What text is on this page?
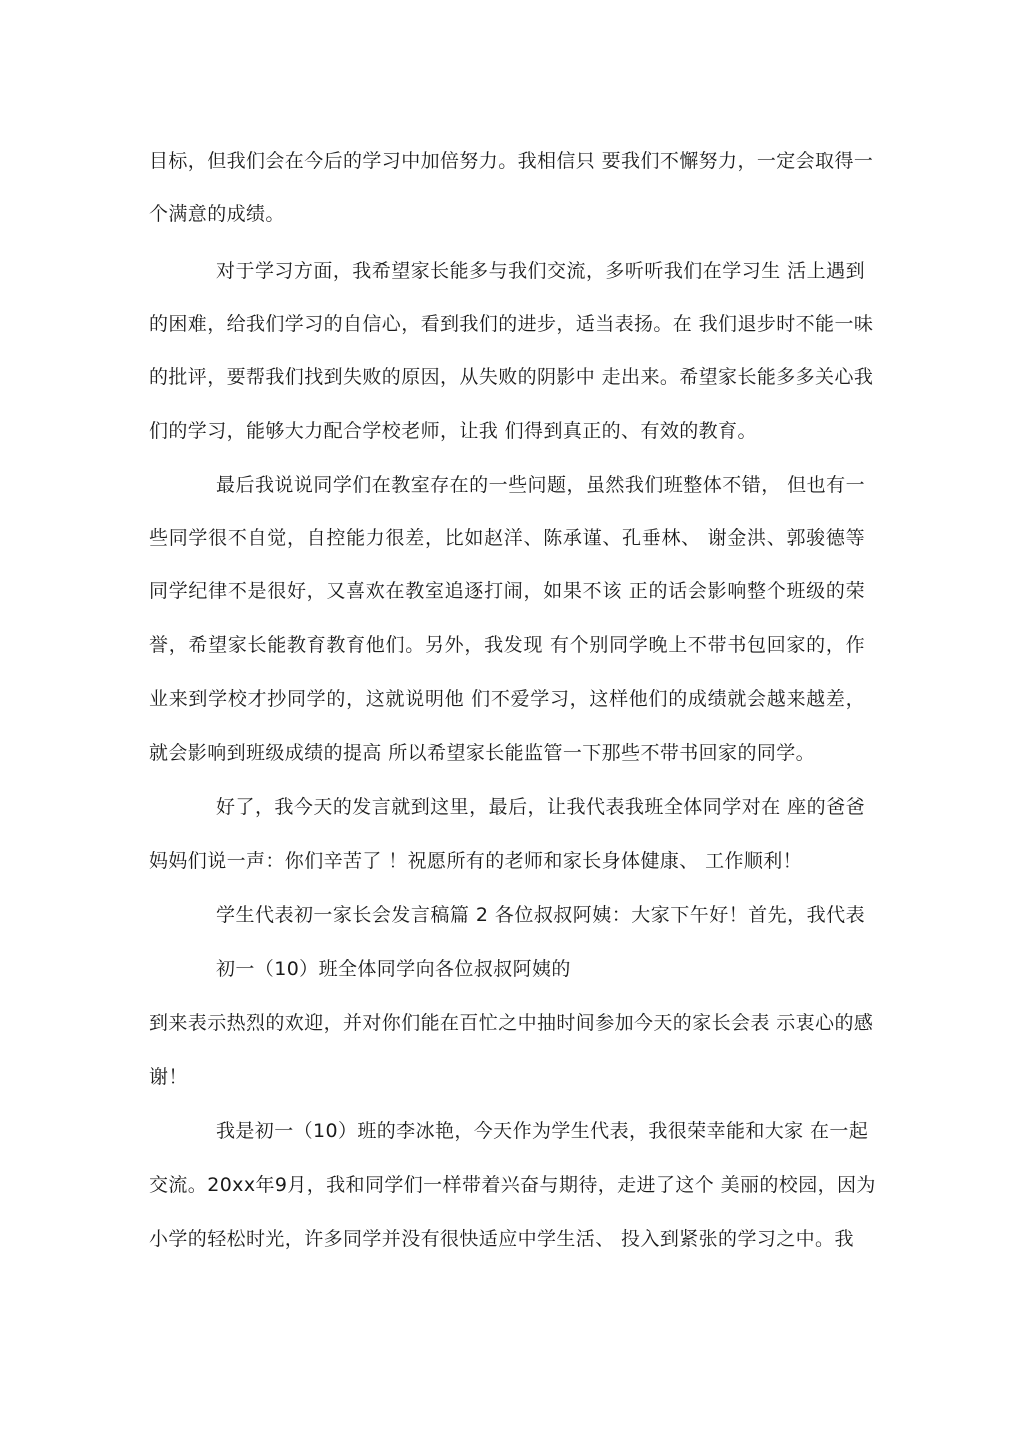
目标，但我们会在今后的学习中加倍努力。我相信只 要我们不懈努力，一定会取得一

个满意的成绩。

对于学习方面，我希望家长能多与我们交流，多听听我们在学习生 活上遇到

的困难，给我们学习的自信心，看到我们的进步，适当表扬。在 我们退步时不能一味

的批评，要帮我们找到失败的原因，从失败的阴影中 走出来。希望家长能多多关心我

们的学习，能够大力配合学校老师，让我 们得到真正的、有效的教育。

最后我说说同学们在教室存在的一些问题，虽然我们班整体不错， 但也有一

些同学很不自觉，自控能力很差，比如赵洋、陈承谨、孔垂林、 谢金洪、郭骏德等

同学纪律不是很好，又喜欢在教室追逐打闹，如果不该 正的话会影响整个班级的荣

誉，希望家长能教育教育他们。另外，我发现 有个别同学晚上不带书包回家的，作

业来到学校才抄同学的，这就说明他 们不爱学习，这样他们的成绩就会越来越差，

就会影响到班级成绩的提高 所以希望家长能监管一下那些不带书回家的同学。

好了，我今天的发言就到这里，最后，让我代表我班全体同学对在 座的爸爸

妈妈们说一声：你们辛苦了 ！祝愿所有的老师和家长身体健康、 工作顺利！

学生代表初一家长会发言稿篇 2 各位叔叔阿姨：大家下午好！首先，我代表

初一（10）班全体同学向各位叔叔阿姨的

到来表示热烈的欢迎，并对你们能在百忙之中抽时间参加今天的家长会表 示衷心的感

谢！

我是初一（10）班的李冰艳，今天作为学生代表，我很荣幸能和大家 在一起

交流。20xx年9月，我和同学们一样带着兴奋与期待，走进了这个 美丽的校园，因为

小学的轻松时光，许多同学并没有很快适应中学生活、 投入到紧张的学习之中。我
